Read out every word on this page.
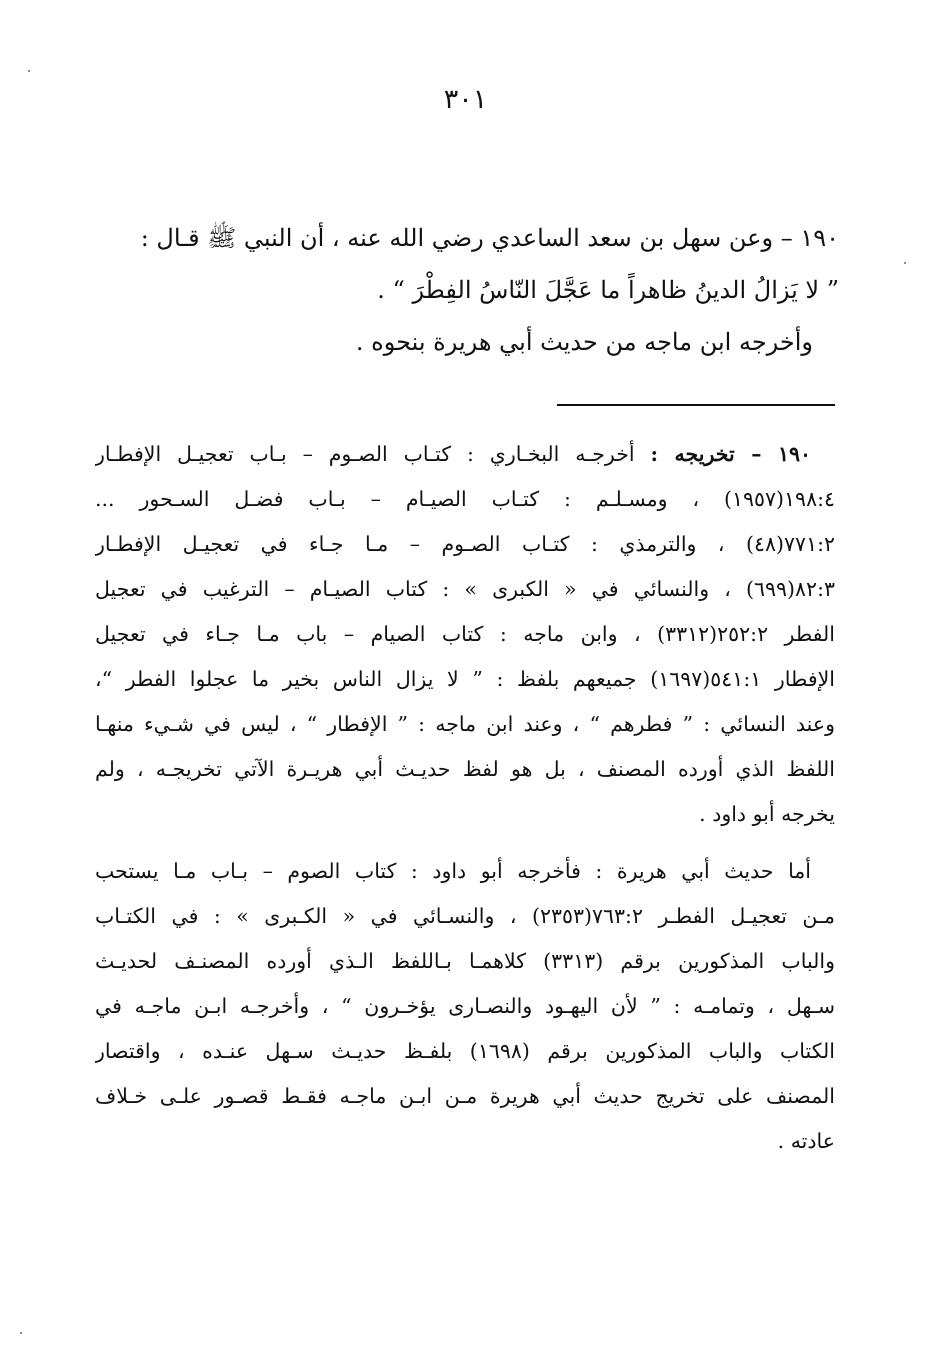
٣٠١
١٩٠ – وعن سهل بن سعد الساعدي رضي الله عنه ، أن النبي ﷺ قـال :
” لا يَزالُ الدينُ ظاهراً ما عَجَّلَ النّاسُ الفِطْرَ “ .
وأخرجه ابن ماجه من حديث أبي هريرة بنحوه .
١٩٠ – تخريجه : أخرجـه البخـاري : كتـاب الصـوم – بـاب تعجيـل الإفطـار
١٩٨:٤(١٩٥٧) ، ومسـلـم : كتـاب الصيـام – بـاب فضـل السـحور ...
٧٧١:٢(٤٨) ، والترمذي : كتـاب الصـوم – مـا جـاء في تعجيـل الإفطـار
٨٢:٣(٦٩٩) ، والنسائي في « الكبرى » : كتاب الصيـام – الترغيب في تعجيل
الفطر ٢٥٢:٢(٣٣١٢) ، وابن ماجه : كتاب الصيام – باب مـا جـاء في تعجيل
الإفطار ٥٤١:١(١٦٩٧) جميعهم بلفظ : ” لا يزال الناس بخير ما عجلوا الفطر “،
وعند النسائي : ” فطرهم “ ، وعند ابن ماجه : ” الإفطار “ ، ليس في شـيء منهـا
اللفظ الذي أورده المصنف ، بل هو لفظ حديـث أبي هريـرة الآتي تخريجـه ، ولم
يخرجه أبو داود .
أما حديث أبي هريرة : فأخرجه أبو داود : كتاب الصوم – بـاب مـا يستحب
مـن تعجيـل الفطـر ٧٦٣:٢(٢٣٥٣) ، والنسـائي في « الكـبرى » : في الكتـاب
والباب المذكورين برقم (٣٣١٣) كلاهمـا بـاللفظ الـذي أورده المصنـف لحديـث
سـهل ، وتمامـه : ” لأن اليهـود والنصـارى يؤخـرون “ ، وأخرجـه ابـن ماجـه في
الكتاب والباب المذكورين برقم (١٦٩٨) بلفـظ حديـث سـهل عنـده ، واقتصار
المصنف على تخريج حديث أبي هريرة مـن ابـن ماجـه فقـط قصـور علـى خـلاف
عادته .
